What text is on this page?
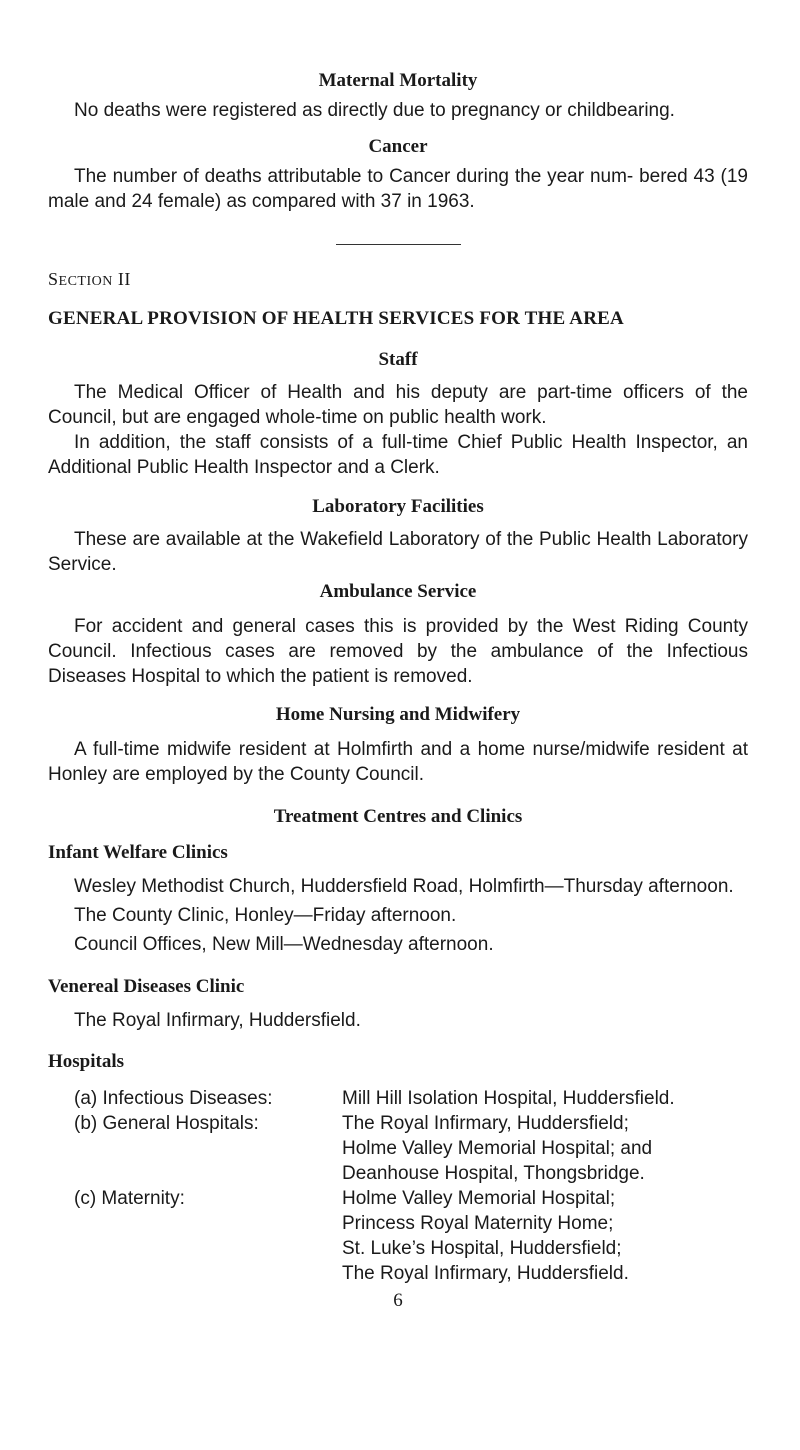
Maternal Mortality

No deaths were registered as directly due to pregnancy or childbearing.

Cancer

The number of deaths attributable to Cancer during the year num- bered 43 (19 male and 24 female) as compared with 37 in 1963.

SECTION II
GENERAL PROVISION OF HEALTH SERVICES FOR THE AREA
Staff

The Medical Officer of Health and his deputy are part-time officers of the Council, but are engaged whole-time on public health work.

In addition, the staff consists of a full-time Chief Public Health Inspector, an Additional Public Health Inspector and a Clerk.

Laboratory Facilities

These are available at the Wakefield Laboratory of the Public Health Laboratory Service.

Ambulance Service

For accident and general cases this is provided by the West Riding County Council. Infectious cases are removed by the ambulance of the Infectious Diseases Hospital to which the patient is removed.

Home Nursing and Midwifery

A full-time midwife resident at Holmfirth and a home nurse/midwife resident at Honley are employed by the County Council.

Treatment Centres and Clinics
Infant Welfare Clinics
Wesley Methodist Church, Huddersfield Road, Holmfirth—Thursday afternoon.
The County Clinic, Honley—Friday afternoon.
Council Offices, New Mill—Wednesday afternoon.
Venereal Diseases Clinic
The Royal Infirmary, Huddersfield.
Hospitals
(a) Infectious Diseases:	Mill Hill Isolation Hospital, Huddersfield.
(b) General Hospitals:	The Royal Infirmary, Huddersfield;
Holme Valley Memorial Hospital; and
Deanhouse Hospital, Thongsbridge.
(c) Maternity:	Holme Valley Memorial Hospital;
Princess Royal Maternity Home;
St. Luke’s Hospital, Huddersfield;
The Royal Infirmary, Huddersfield.
6
